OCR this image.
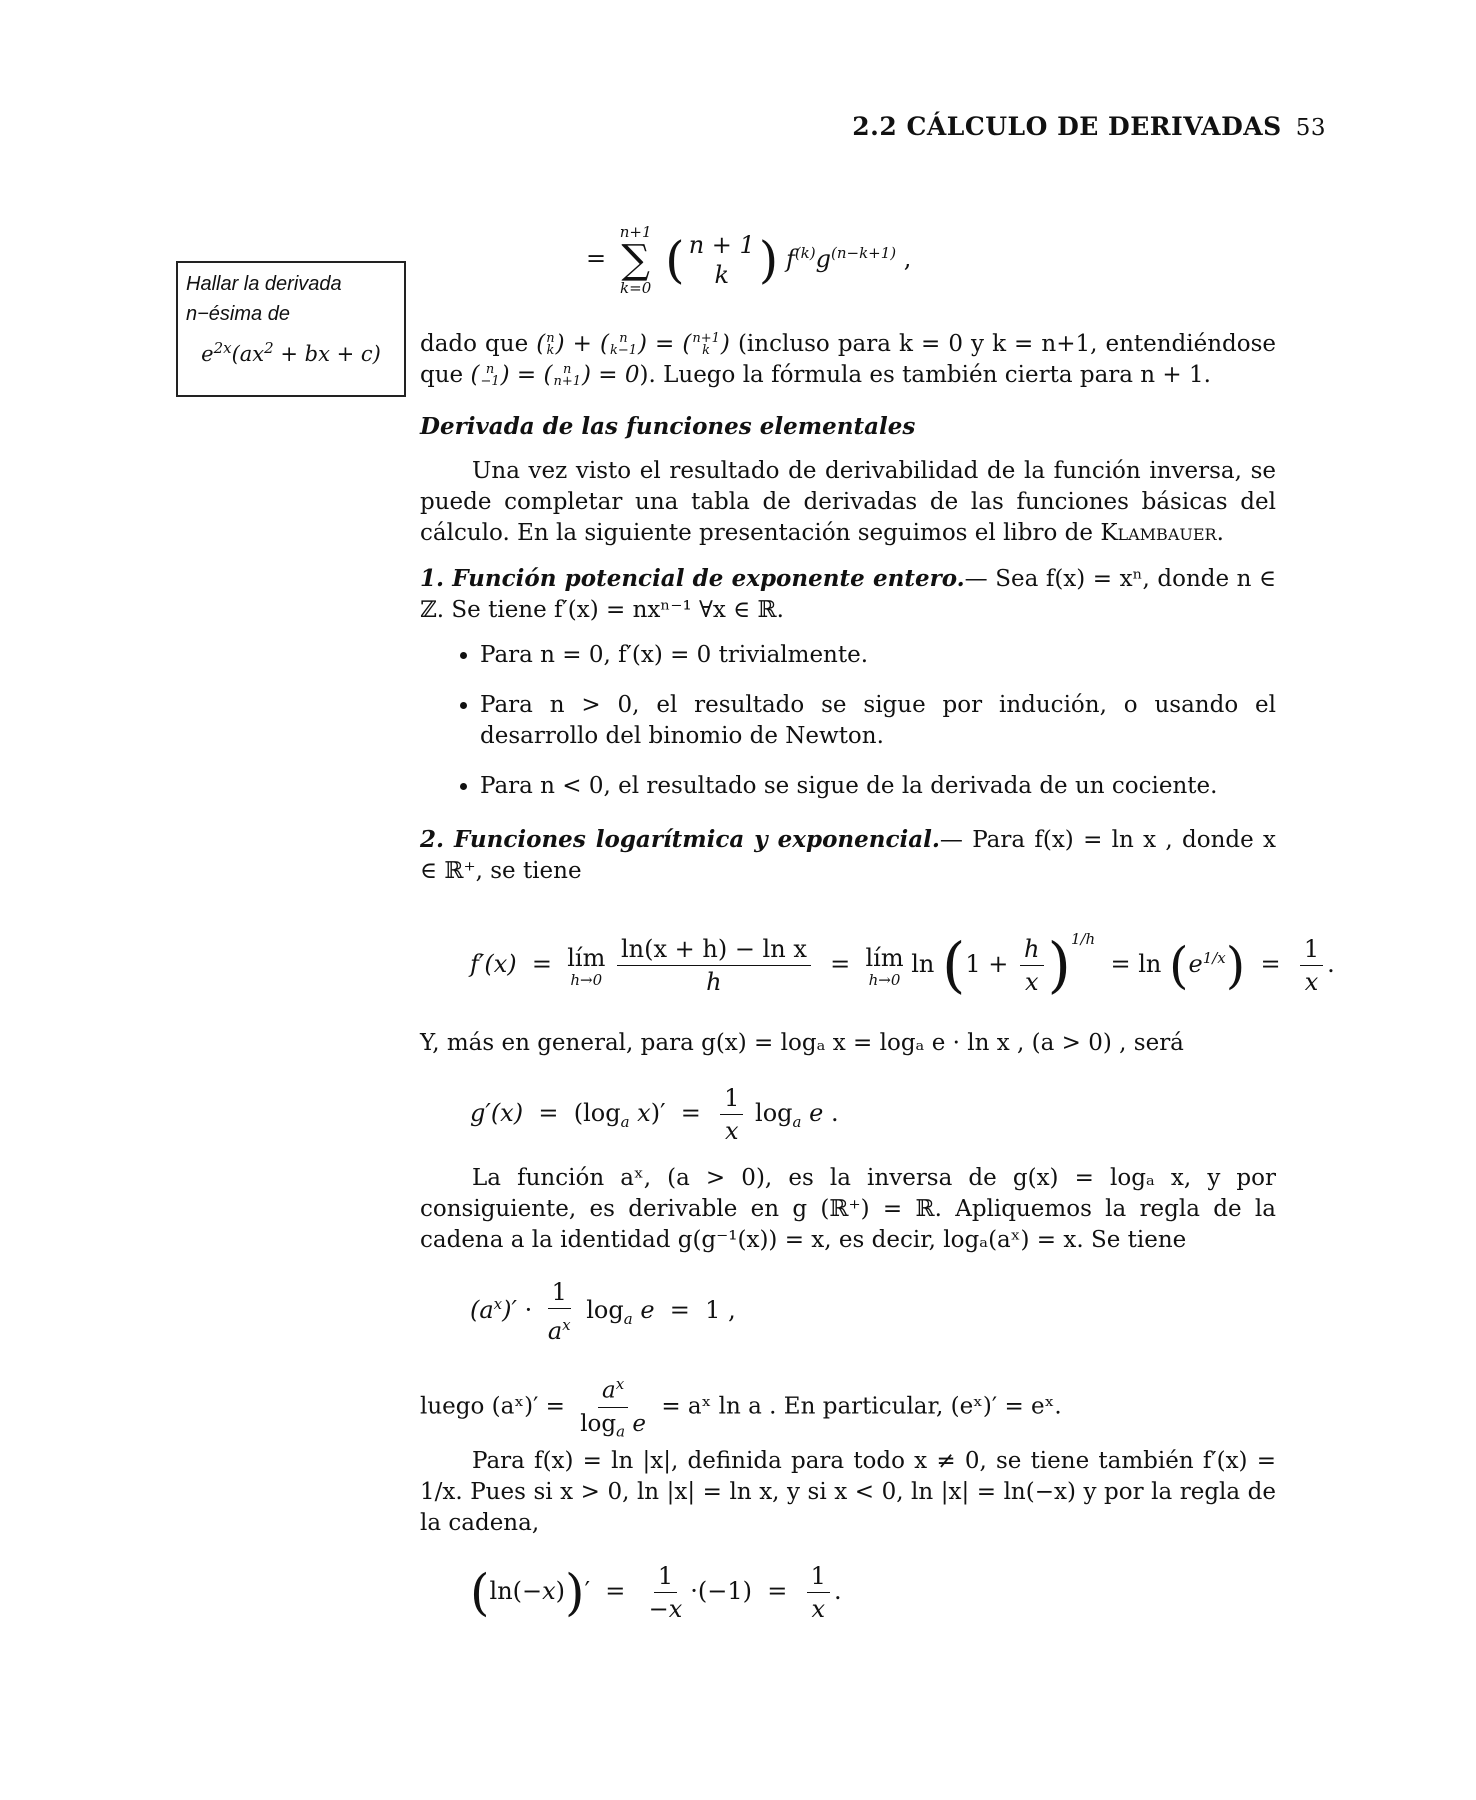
2.2 CÁLCULO DE DERIVADAS 53
Hallar la derivada n−ésima de
$e^{2x}(ax^2$ + bx + c)
=
n+1
∑
k=0 ( n + 1
k ) $f^{(k)}g^{(n-k+1)}$ ,

dado que ( n
k ) + ( n
k−1 ) = ( n+1
k ) (incluso para k = 0 y k = n+1, entendiéndose que ( n
−1 ) = ( n
n+1 ) = 0). Luego la fórmula es también cierta para n + 1.

Derivada de las funciones elementales

Una vez visto el resultado de derivabilidad de la función inversa, se puede completar una tabla de derivadas de las funciones básicas del cálculo. En la siguiente presentación seguimos el libro de Klambauer.

1. Función potencial de exponente entero.— Sea f(x) = xⁿ, donde n ∈ ℤ. Se tiene f′(x) = nxⁿ⁻¹ ∀x ∈ ℝ.

• Para n = 0, f′(x) = 0 trivialmente.
• Para n > 0, el resultado se sigue por indución, o usando el desarrollo del binomio de Newton.
• Para n < 0, el resultado se sigue de la derivada de un cociente.

2. Funciones logarítmica y exponencial.— Para f(x) = ln x , donde x ∈ ℝ⁺, se tiene

f′(x)  = lím
h→0
$\frac{\text{ln(x + h) − ln x}}{h}$ = lím
h→0
$\ln (1 + \frac{h}{x} )^{1/h} = \ln (e^{1/x}) = \frac{1}{x}$ .

Y, más en general, para g(x) = logₐ x = logₐ e · ln x , (a > 0) , será

$g'(x) = (\log_a$ $x)' = \frac{1}{x} \log_a e$ .

La función aˣ, (a > 0), es la inversa de g(x) = logₐ x, y por consiguiente, es derivable en g (ℝ⁺) = ℝ. Apliquemos la regla de la cadena a la identidad g(g⁻¹(x)) = x, es decir, logₐ(aˣ) = x. Se tiene

$(a^x)' \cdot \frac{1}{a^x} \log_a e = 1$ ,
luego (aˣ)′ = $\frac{a^x}{\log_a e}$ = aˣ ln a . En particular, (eˣ)′ = eˣ.

Para f(x) = ln |x|, definida para todo x ≠ 0, se tiene también f′(x) = 1/x. Pues si x > 0, ln |x| = ln x, y si x < 0, ln |x| = ln(−x) y por la regla de la cadena,

$(\ln(-x))' = \frac{1}{-x} \cdot(-1) = \frac{1}{x}$ .
